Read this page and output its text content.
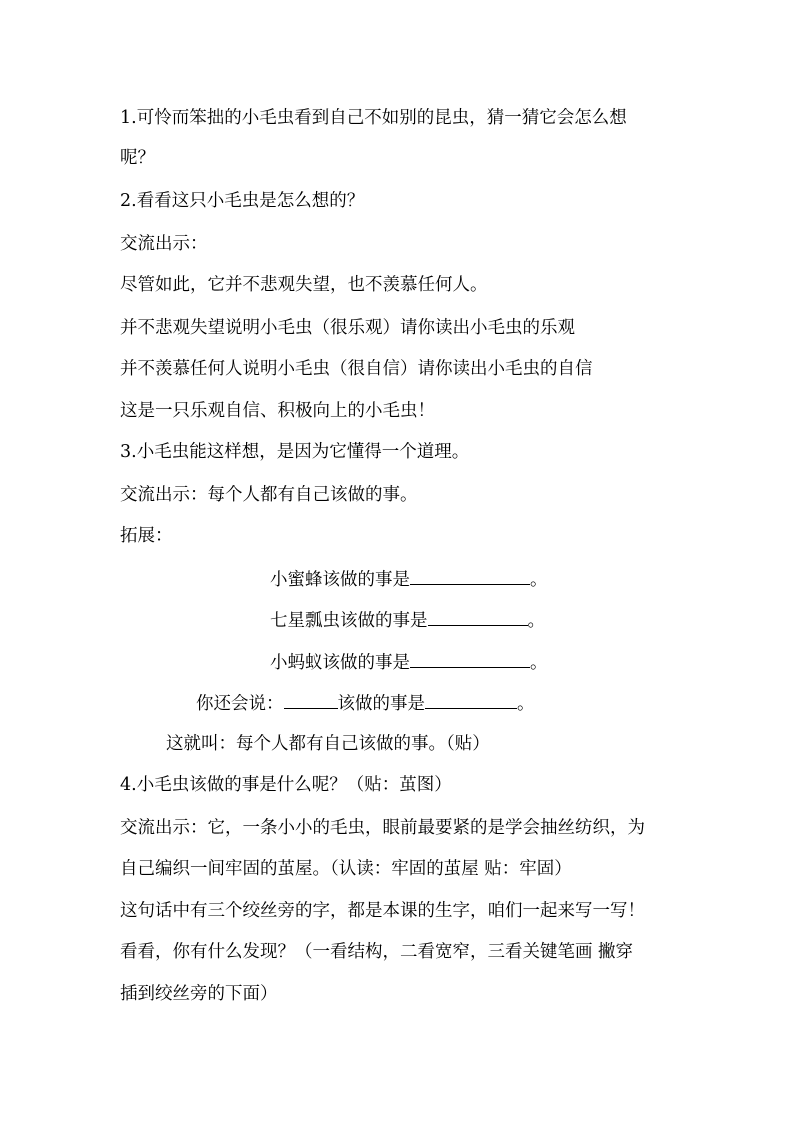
1.可怜而笨拙的小毛虫看到自己不如别的昆虫，猜一猜它会怎么想
呢？
2.看看这只小毛虫是怎么想的？
交流出示：
尽管如此，它并不悲观失望，也不羡慕任何人。
并不悲观失望说明小毛虫（很乐观）请你读出小毛虫的乐观
并不羡慕任何人说明小毛虫（很自信）请你读出小毛虫的自信
这是一只乐观自信、积极向上的小毛虫！
3.小毛虫能这样想，是因为它懂得一个道理。
交流出示：每个人都有自己该做的事。
拓展：
小蜜蜂该做的事是	。
七星瓢虫该做的事是	。
小蚂蚁该做的事是	。
你还会说：	该做的事是	。
这就叫：每个人都有自己该做的事。（贴）
4.小毛虫该做的事是什么呢？（贴：茧图）
交流出示：它，一条小小的毛虫，眼前最要紧的是学会抽丝纺织，为
自己编织一间牢固的茧屋。（认读：牢固的茧屋 贴：牢固）
这句话中有三个绞丝旁的字，都是本课的生字，咱们一起来写一写！
看看，你有什么发现？（一看结构，二看宽窄，三看关键笔画 撇穿
插到绞丝旁的下面）
